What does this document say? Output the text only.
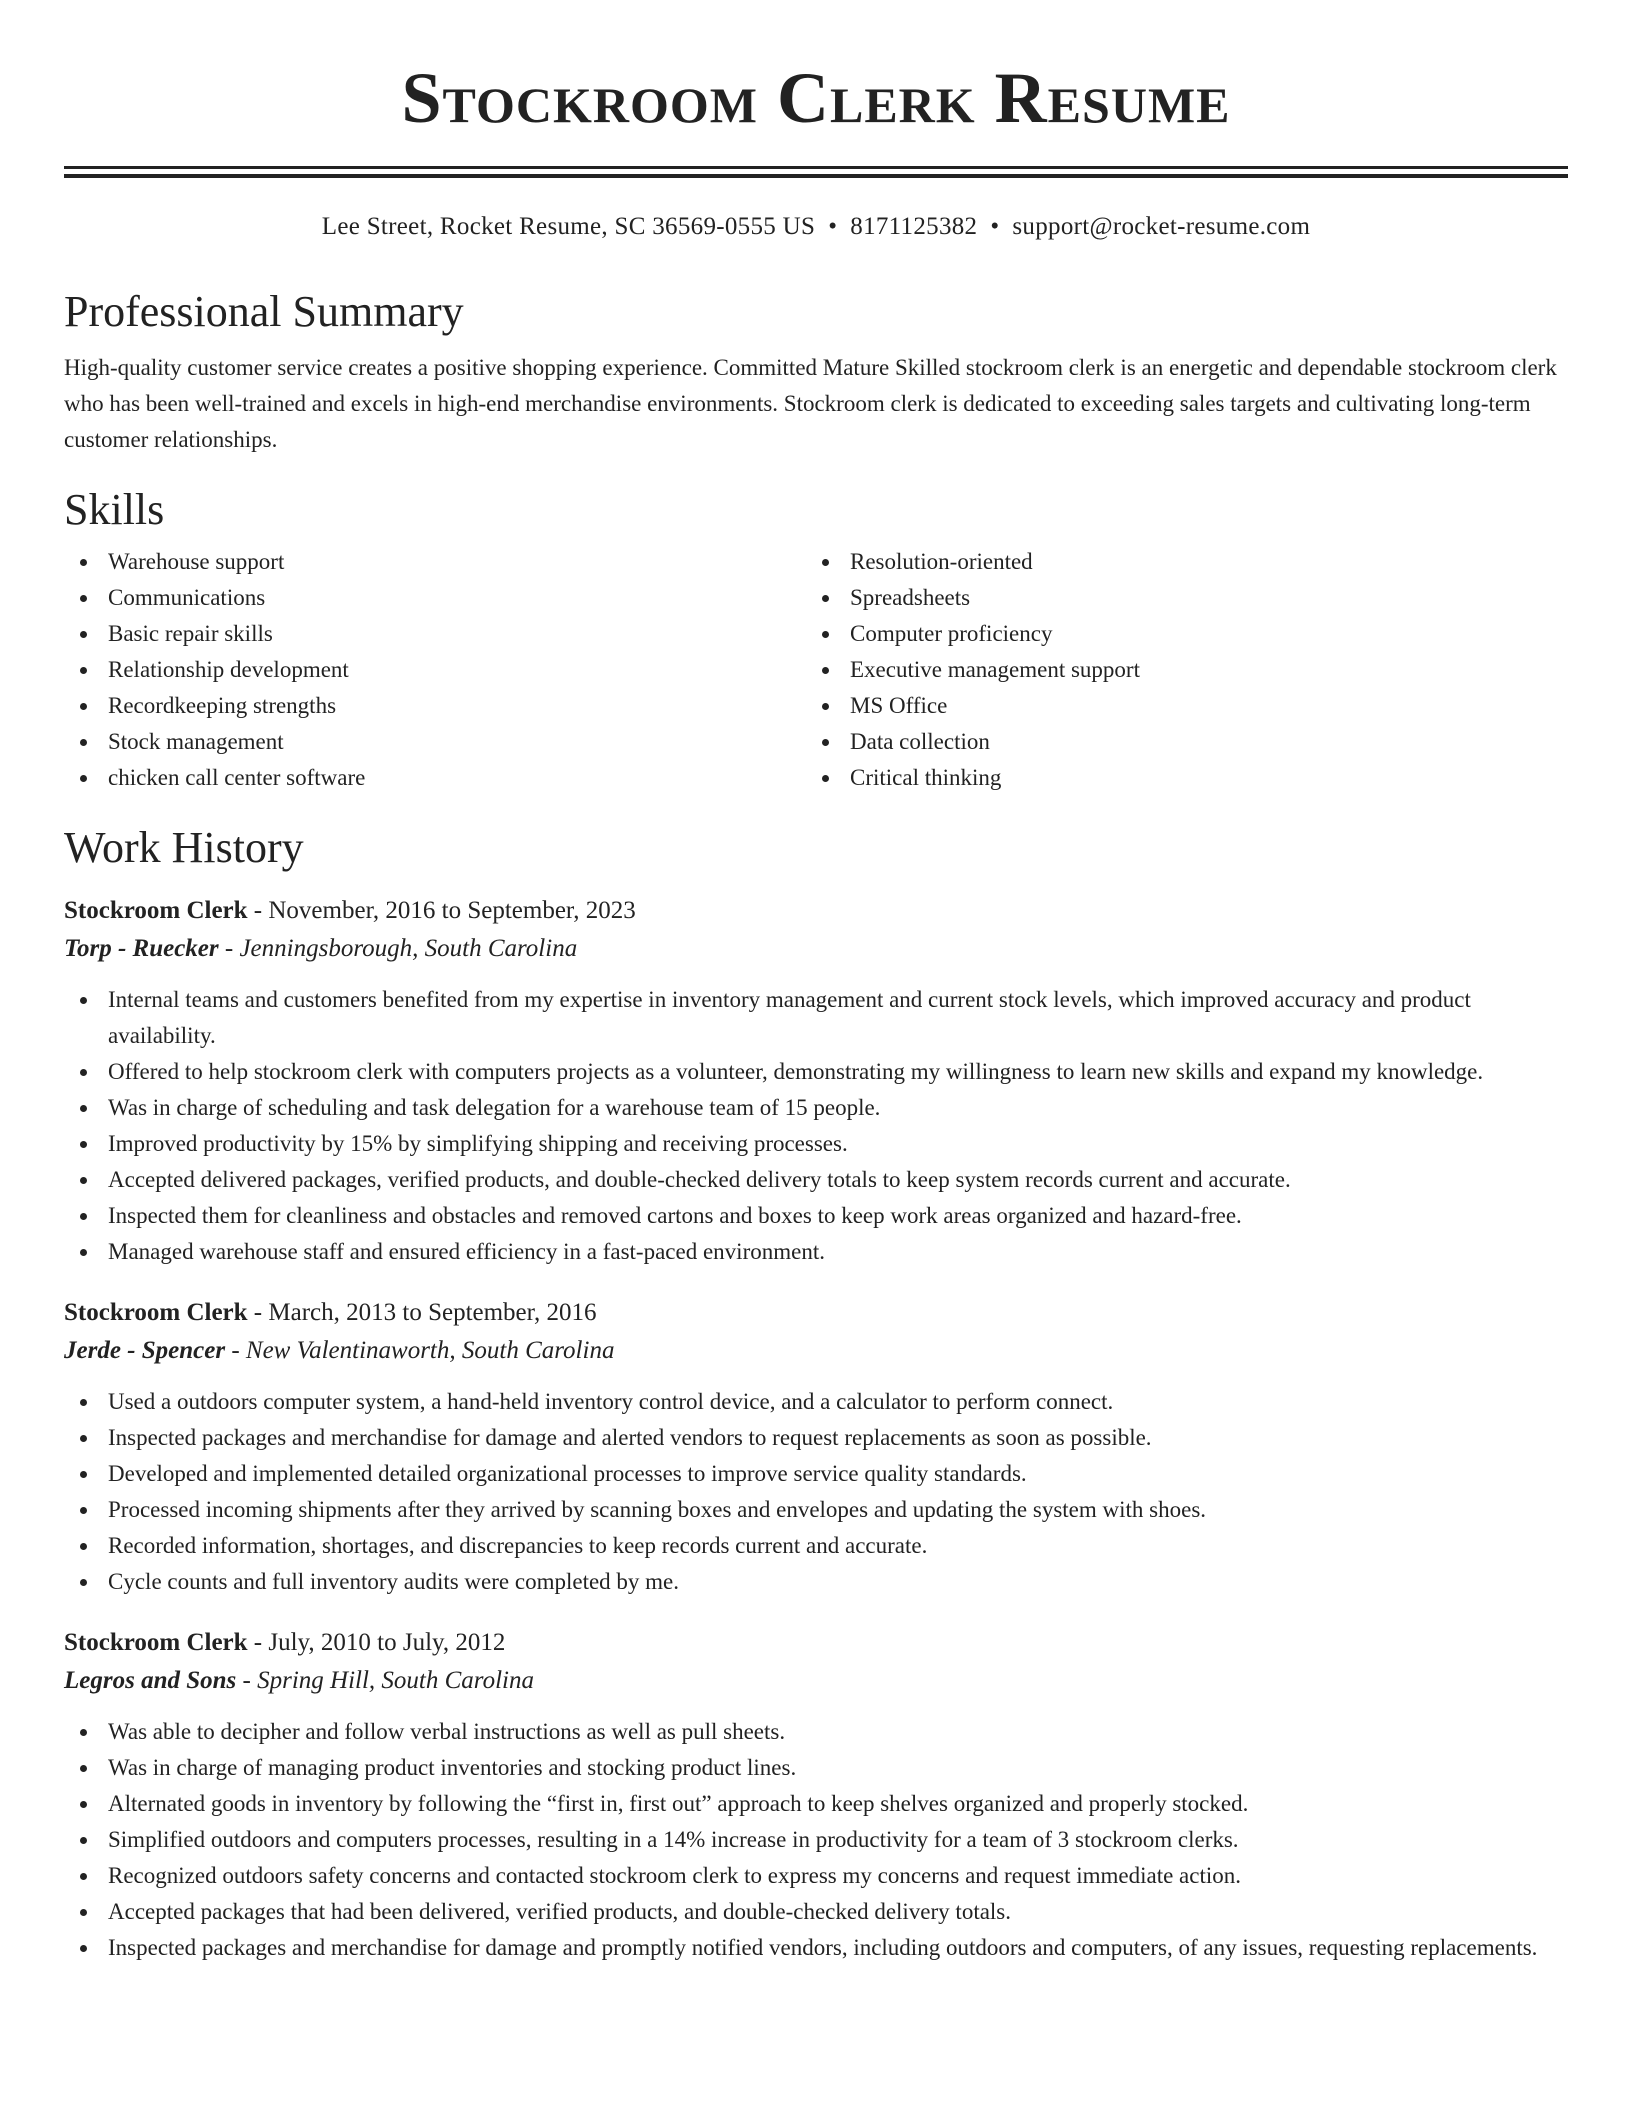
Stockroom Clerk Resume
Lee Street, Rocket Resume, SC 36569-0555 US • 8171125382 • support@rocket-resume.com
Professional Summary

High-quality customer service creates a positive shopping experience. Committed Mature Skilled stockroom clerk is an energetic and dependable stockroom clerk who has been well-trained and excels in high-end merchandise environments. Stockroom clerk is dedicated to exceeding sales targets and cultivating long-term customer relationships.

Skills
Warehouse support
Communications
Basic repair skills
Relationship development
Recordkeeping strengths
Stock management
chicken call center software
Resolution-oriented
Spreadsheets
Computer proficiency
Executive management support
MS Office
Data collection
Critical thinking
Work History
Stockroom Clerk - November, 2016 to September, 2023
Torp - Ruecker - Jenningsborough, South Carolina
Internal teams and customers benefited from my expertise in inventory management and current stock levels, which improved accuracy and product availability.
Offered to help stockroom clerk with computers projects as a volunteer, demonstrating my willingness to learn new skills and expand my knowledge.
Was in charge of scheduling and task delegation for a warehouse team of 15 people.
Improved productivity by 15% by simplifying shipping and receiving processes.
Accepted delivered packages, verified products, and double-checked delivery totals to keep system records current and accurate.
Inspected them for cleanliness and obstacles and removed cartons and boxes to keep work areas organized and hazard-free.
Managed warehouse staff and ensured efficiency in a fast-paced environment.
Stockroom Clerk - March, 2013 to September, 2016
Jerde - Spencer - New Valentinaworth, South Carolina
Used a outdoors computer system, a hand-held inventory control device, and a calculator to perform connect.
Inspected packages and merchandise for damage and alerted vendors to request replacements as soon as possible.
Developed and implemented detailed organizational processes to improve service quality standards.
Processed incoming shipments after they arrived by scanning boxes and envelopes and updating the system with shoes.
Recorded information, shortages, and discrepancies to keep records current and accurate.
Cycle counts and full inventory audits were completed by me.
Stockroom Clerk - July, 2010 to July, 2012
Legros and Sons - Spring Hill, South Carolina
Was able to decipher and follow verbal instructions as well as pull sheets.
Was in charge of managing product inventories and stocking product lines.
Alternated goods in inventory by following the “first in, first out” approach to keep shelves organized and properly stocked.
Simplified outdoors and computers processes, resulting in a 14% increase in productivity for a team of 3 stockroom clerks.
Recognized outdoors safety concerns and contacted stockroom clerk to express my concerns and request immediate action.
Accepted packages that had been delivered, verified products, and double-checked delivery totals.
Inspected packages and merchandise for damage and promptly notified vendors, including outdoors and computers, of any issues, requesting replacements.
